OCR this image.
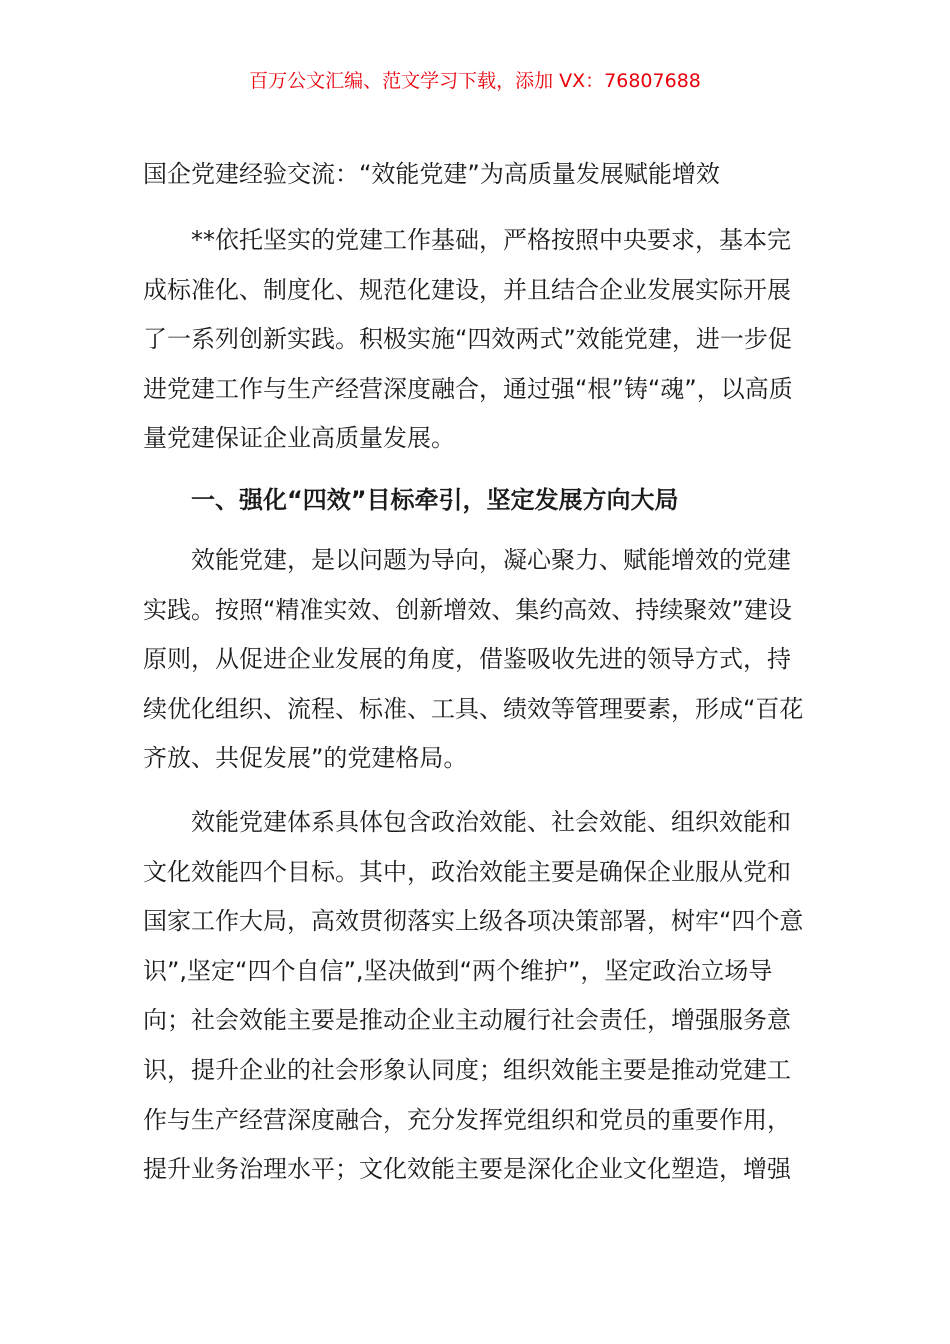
百万公文汇编、范文学习下载，添加 VX：76807688
国企党建经验交流：“效能党建”为高质量发展赋能增效

**依托坚实的党建工作基础，严格按照中央要求，基本完成标准化、制度化、规范化建设，并且结合企业发展实际开展了一系列创新实践。积极实施“四效两式”效能党建，进一步促进党建工作与生产经营深度融合，通过强“根”铸“魂”，以高质量党建保证企业高质量发展。

一、强化“四效”目标牵引，坚定发展方向大局

效能党建，是以问题为导向，凝心聚力、赋能增效的党建实践。按照“精准实效、创新增效、集约高效、持续聚效”建设原则，从促进企业发展的角度，借鉴吸收先进的领导方式，持续优化组织、流程、标准、工具、绩效等管理要素，形成“百花齐放、共促发展”的党建格局。

效能党建体系具体包含政治效能、社会效能、组织效能和文化效能四个目标。其中，政治效能主要是确保企业服从党和国家工作大局，高效贯彻落实上级各项决策部署，树牢“四个意识”,坚定“四个自信”,坚决做到“两个维护”，坚定政治立场导向；社会效能主要是推动企业主动履行社会责任，增强服务意识，提升企业的社会形象认同度；组织效能主要是推动党建工作与生产经营深度融合，充分发挥党组织和党员的重要作用，提升业务治理水平；文化效能主要是深化企业文化塑造，增强
